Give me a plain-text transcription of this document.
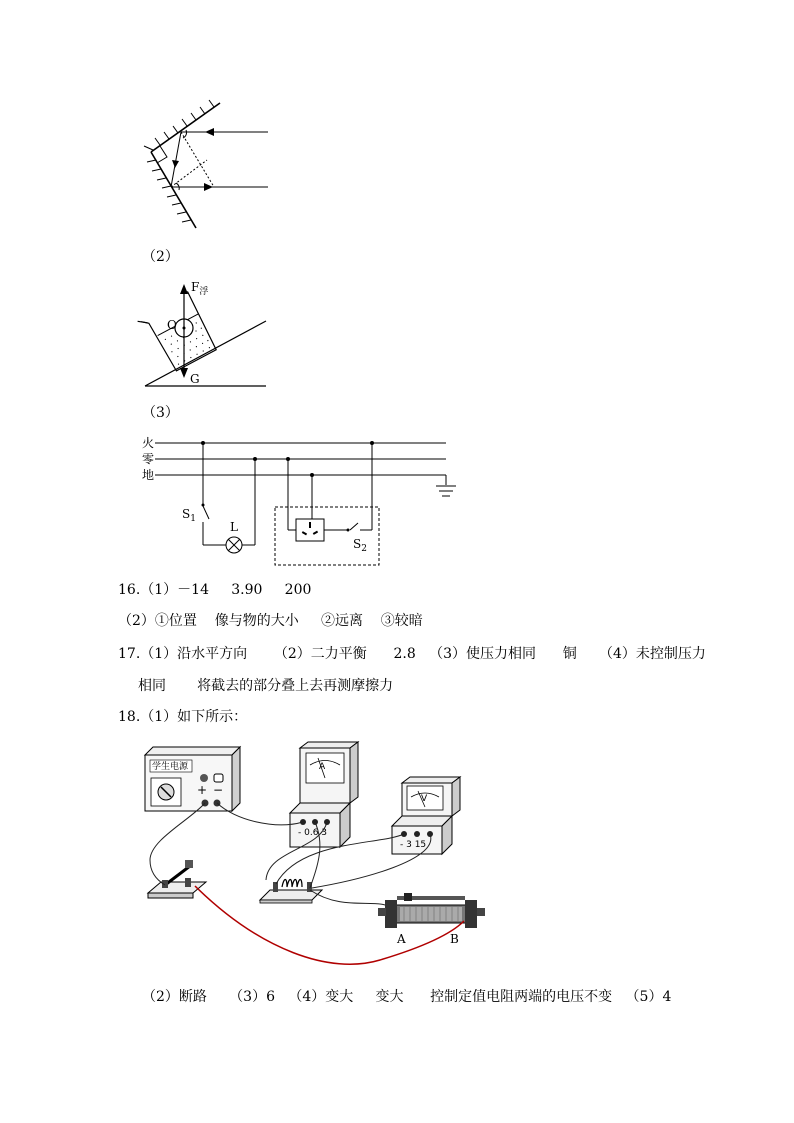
（2）
$F_浮$
O
G
（3）
火
零
地
$S_1$
L
$S_2$
16.（1）－14     3.90     200
（2）①位置    像与物的大小     ②远离    ③较暗
17.（1）沿水平方向      （2）二力平衡      2.8   （3）使压力相同      铜     （4）未控制压力
相同       将截去的部分叠上去再测摩擦力
18.（1）如下所示：
学生电源
+ −
A
- 0.6 3
V
- 3 15
A	B
（2）断路     （3）6   （4）变大     变大      控制定值电阻两端的电压不变   （5）4
